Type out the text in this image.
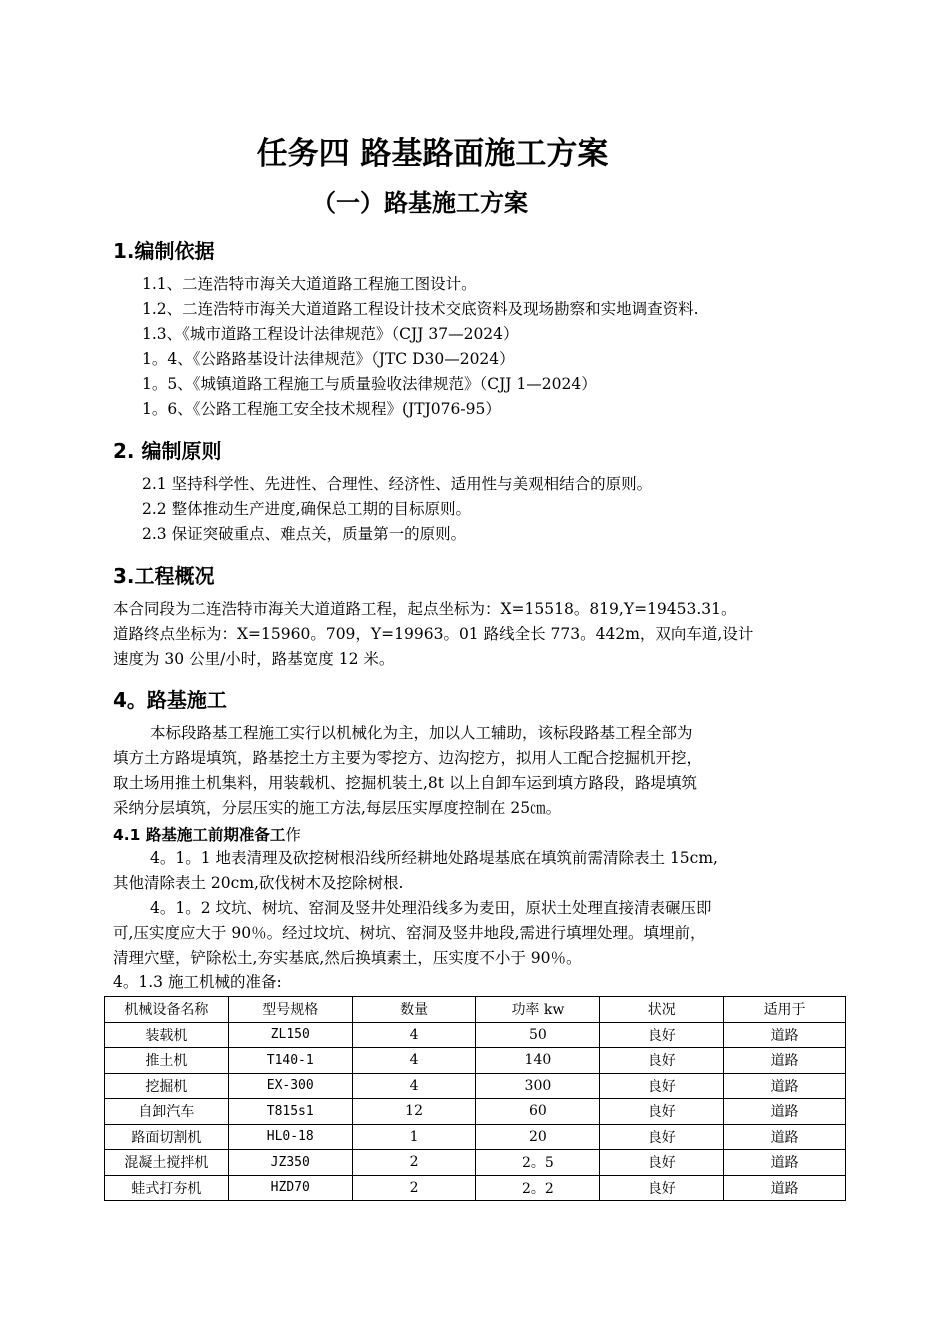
任务四 路基路面施工方案
（一）路基施工方案
1.编制依据
1.1、二连浩特市海关大道道路工程施工图设计。
1.2、二连浩特市海关大道道路工程设计技术交底资料及现场勘察和实地调查资料.
1.3、《城市道路工程设计法律规范》（CJJ 37—2024）
1。4、《公路路基设计法律规范》（JTC D30—2024）
1。5、《城镇道路工程施工与质量验收法律规范》（CJJ 1—2024）
1。6、《公路工程施工安全技术规程》(JTJ076-95）
2. 编制原则
2.1 坚持科学性、先进性、合理性、经济性、适用性与美观相结合的原则。
2.2 整体推动生产进度,确保总工期的目标原则。
2.3 保证突破重点、难点关，质量第一的原则。
3.工程概况
本合同段为二连浩特市海关大道道路工程，起点坐标为：X=15518。819,Y=19453.31。
道路终点坐标为：X=15960。709，Y=19963。01 路线全长 773。442m，双向车道,设计
速度为 30 公里/小时，路基宽度 12 米。
4。路基施工
本标段路基工程施工实行以机械化为主，加以人工辅助，该标段路基工程全部为
填方土方路堤填筑，路基挖土方主要为零挖方、边沟挖方，拟用人工配合挖掘机开挖，
取土场用推土机集料，用装载机、挖掘机装土,8t 以上自卸车运到填方路段，路堤填筑
采纳分层填筑，分层压实的施工方法,每层压实厚度控制在 25㎝。
4.1 路基施工前期准备工作
4。1。1 地表清理及砍挖树根沿线所经耕地处路堤基底在填筑前需清除表土 15cm,
其他清除表土 20cm,砍伐树木及挖除树根.
4。1。2 坟坑、树坑、窑洞及竖井处理沿线多为麦田，原状土处理直接清表碾压即
可,压实度应大于 90％。经过坟坑、树坑、窑洞及竖井地段,需进行填埋处理。填埋前，
清理穴壁，铲除松土,夯实基底,然后换填素土，压实度不小于 90％。
4。1.3 施工机械的准备:
机械设备名称	型号规格	数量	功率 kw	状况	适用于
装载机	ZL150	4	50	良好	道路
推土机	T140-1	4	140	良好	道路
挖掘机	EX-300	4	300	良好	道路
自卸汽车	T815s1	12	60	良好	道路
路面切割机	HL0-18	1	20	良好	道路
混凝土搅拌机	JZ350	2	2。5	良好	道路
蛙式打夯机	HZD70	2	2。2	良好	道路
